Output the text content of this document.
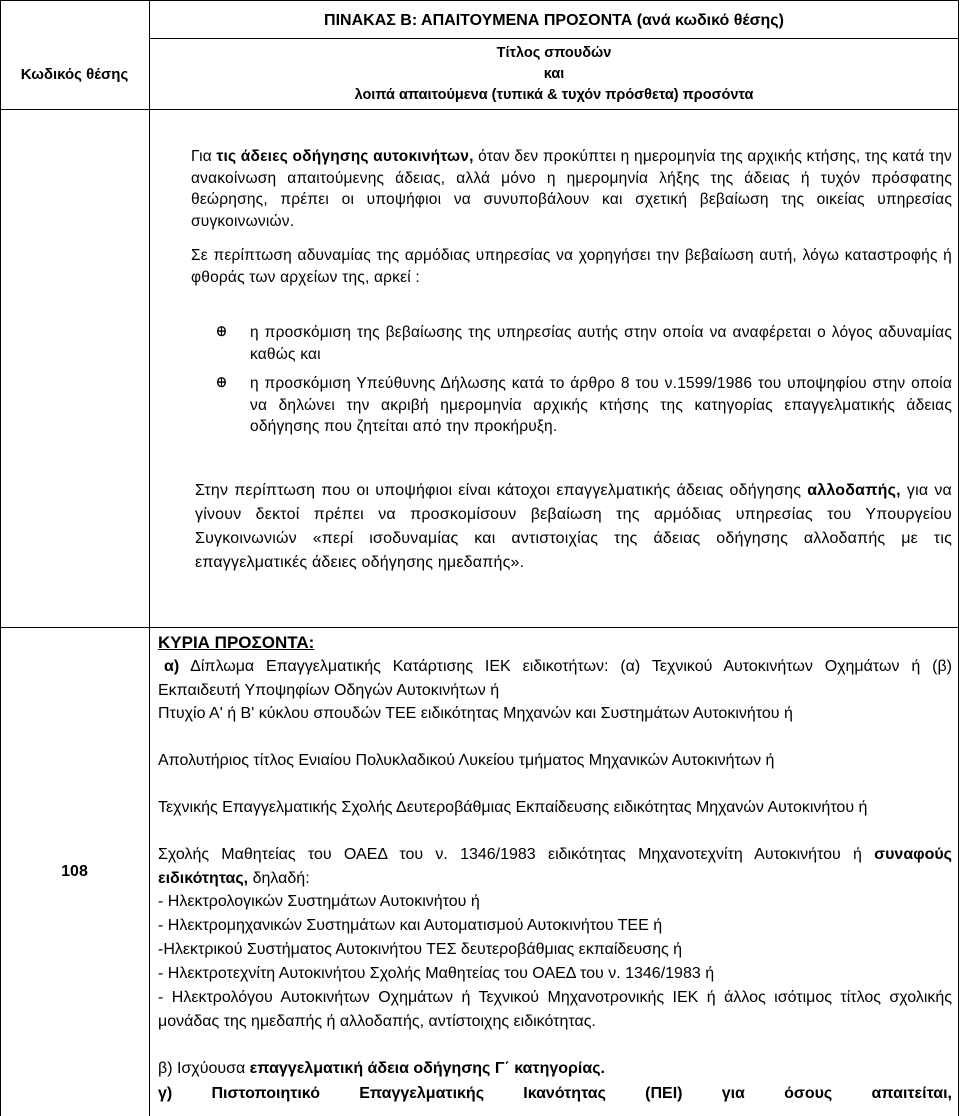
ΠΙΝΑΚΑΣ Β: ΑΠΑΙΤΟΥΜΕΝΑ ΠΡΟΣΟΝΤΑ (ανά κωδικό θέσης)
Κωδικός θέσης
Τίτλος σπουδών
και
λοιπά απαιτούμενα (τυπικά & τυχόν πρόσθετα) προσόντα
Για τις άδειες οδήγησης αυτοκινήτων, όταν δεν προκύπτει η ημερομηνία της αρχικής κτήσης, της κατά την ανακοίνωση απαιτούμενης άδειας, αλλά μόνο η ημερομηνία λήξης της άδειας ή τυχόν πρόσφατης θεώρησης, πρέπει οι υποψήφιοι να συνυποβάλουν και σχετική βεβαίωση της οικείας υπηρεσίας συγκοινωνιών.
Σε περίπτωση αδυναμίας της αρμόδιας υπηρεσίας να χορηγήσει την βεβαίωση αυτή, λόγω καταστροφής ή φθοράς των αρχείων της, αρκεί :
ꚛ η προσκόμιση της βεβαίωσης της υπηρεσίας αυτής στην οποία να αναφέρεται ο λόγος αδυναμίας καθώς και
ꚛ η προσκόμιση Υπεύθυνης Δήλωσης κατά το άρθρο 8 του ν.1599/1986 του υποψηφίου στην οποία να δηλώνει την ακριβή ημερομηνία αρχικής κτήσης της κατηγορίας επαγγελματικής άδειας οδήγησης που ζητείται από την προκήρυξη.
Στην περίπτωση που οι υποψήφιοι είναι κάτοχοι επαγγελματικής άδειας οδήγησης αλλοδαπής, για να γίνουν δεκτοί πρέπει να προσκομίσουν βεβαίωση της αρμόδιας υπηρεσίας του Υπουργείου Συγκοινωνιών «περί ισοδυναμίας και αντιστοιχίας της άδειας οδήγησης αλλοδαπής με τις επαγγελματικές άδειες οδήγησης ημεδαπής».
108
ΚΥΡΙΑ ΠΡΟΣΟΝΤΑ:
α) Δίπλωμα Επαγγελματικής Κατάρτισης ΙΕΚ ειδικοτήτων: (α) Τεχνικού Αυτοκινήτων Οχημάτων ή (β) Εκπαιδευτή Υποψηφίων Οδηγών Αυτοκινήτων ή
Πτυχίο Α' ή Β' κύκλου σπουδών ΤΕΕ ειδικότητας Μηχανών και Συστημάτων Αυτοκινήτου ή
Απολυτήριος τίτλος Ενιαίου Πολυκλαδικού Λυκείου τμήματος Μηχανικών Αυτοκινήτων ή
Τεχνικής Επαγγελματικής Σχολής Δευτεροβάθμιας Εκπαίδευσης ειδικότητας Μηχανών Αυτοκινήτου ή
Σχολής Μαθητείας του ΟΑΕΔ του ν. 1346/1983 ειδικότητας Μηχανοτεχνίτη Αυτοκινήτου ή συναφούς ειδικότητας, δηλαδή:
- Ηλεκτρολογικών Συστημάτων Αυτοκινήτου ή
- Ηλεκτρομηχανικών Συστημάτων και Αυτοματισμού Αυτοκινήτου ΤΕΕ ή
-Ηλεκτρικού Συστήματος Αυτοκινήτου ΤΕΣ δευτεροβάθμιας εκπαίδευσης ή
- Ηλεκτροτεχνίτη Αυτοκινήτου Σχολής Μαθητείας του ΟΑΕΔ του ν. 1346/1983 ή
- Ηλεκτρολόγου Αυτοκινήτων Οχημάτων ή Τεχνικού Μηχανοτρονικής ΙΕΚ ή άλλος ισότιμος τίτλος σχολικής μονάδας της ημεδαπής ή αλλοδαπής, αντίστοιχης ειδικότητας.
β) Ισχύουσα επαγγελματική άδεια οδήγησης Γ΄ κατηγορίας.
γ) Πιστοποιητικό Επαγγελματικής Ικανότητας (ΠΕΙ) για όσους απαιτείται,
